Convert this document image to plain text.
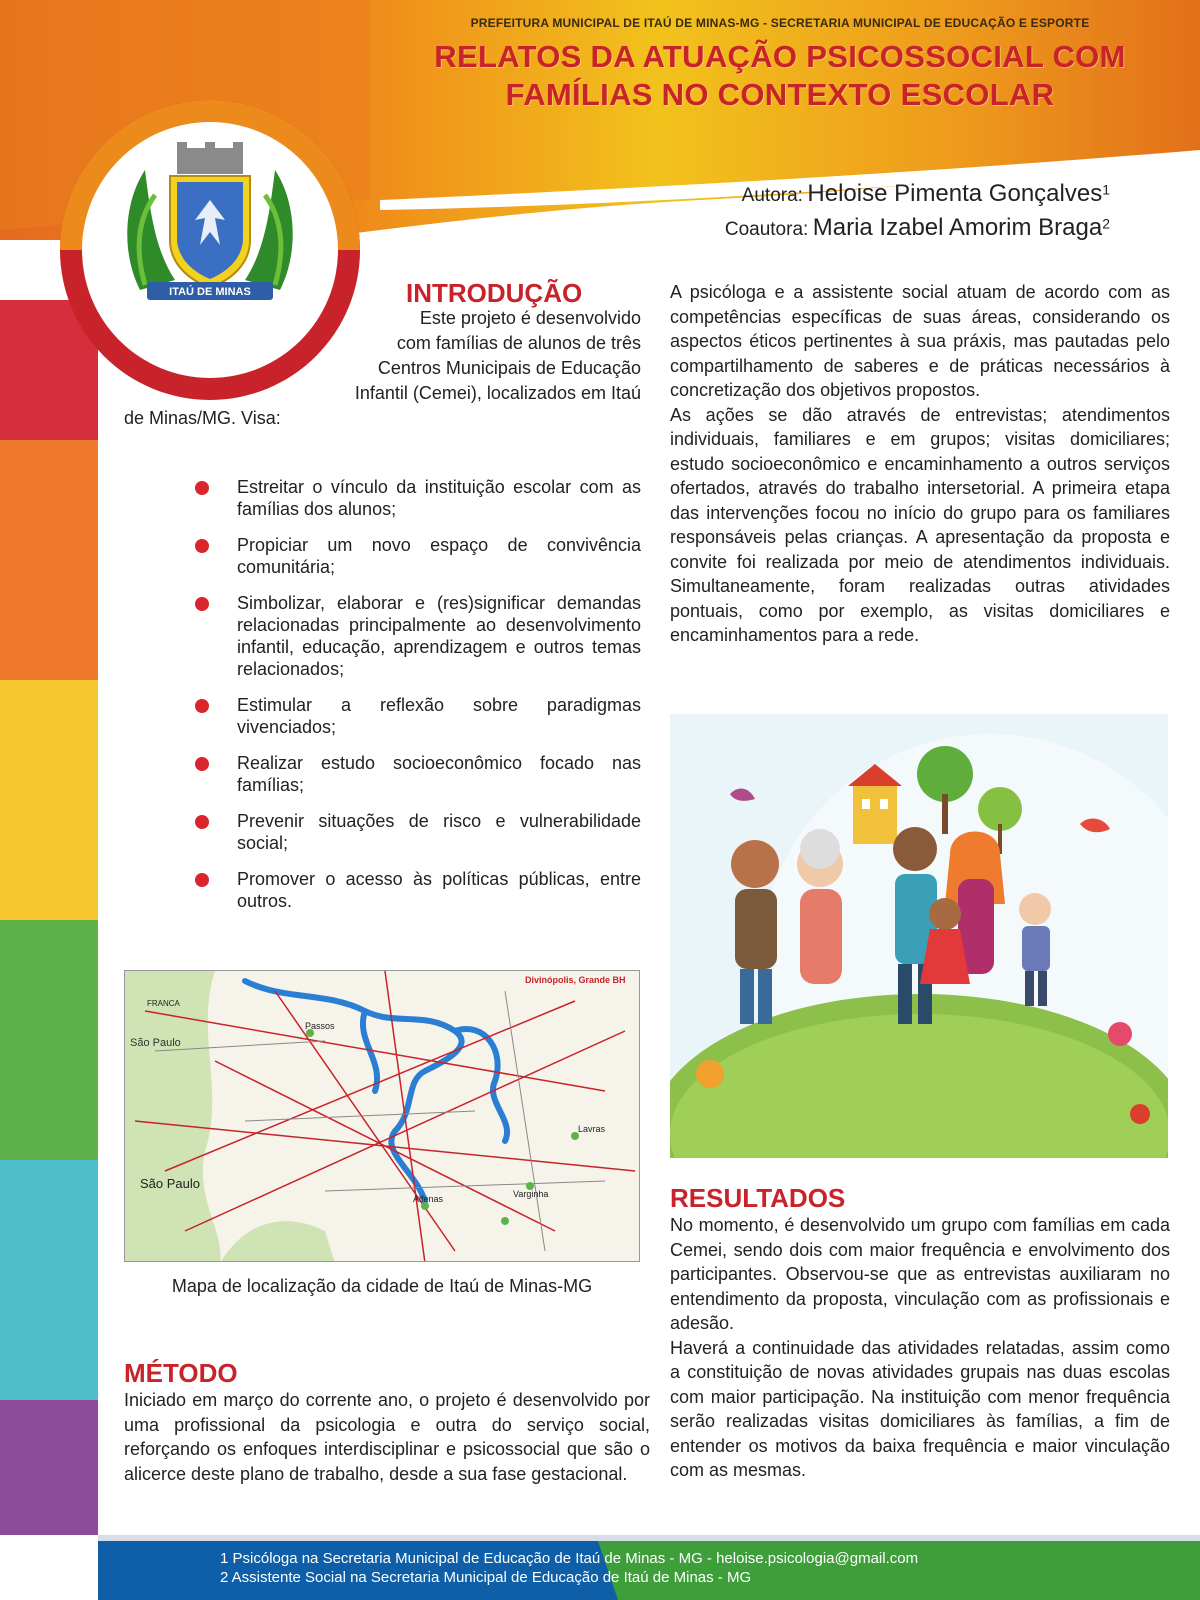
ITAÚ DE MINAS
PREFEITURA MUNICIPAL DE ITAÚ DE MINAS-MG - SECRETARIA MUNICIPAL DE EDUCAÇÃO E ESPORTE
RELATOS DA ATUAÇÃO PSICOSSOCIAL COM
FAMÍLIAS NO CONTEXTO ESCOLAR
Autora: Heloise Pimenta Gonçalves$^1$
Coautora: Maria Izabel Amorim Braga$^2$
INTRODUÇÃO
Este projeto é desenvolvido
com famílias de alunos de três
Centros Municipais de Educação
Infantil (Cemei), localizados em Itaú
de Minas/MG. Visa:
Estreitar o vínculo da instituição escolar com as famílias dos alunos;
Propiciar um novo espaço de convivência comunitária;
Simbolizar, elaborar e (res)significar demandas relacionadas principalmente ao desenvolvimento infantil, educação, aprendizagem e outros temas relacionados;
Estimular a reflexão sobre paradigmas vivenciados;
Realizar estudo socioeconômico focado nas famílias;
Prevenir situações de risco e vulnerabilidade social;
Promover o acesso às políticas públicas, entre outros.
Divinópolis, Grande BH
São Paulo
São Paulo
Passos
Alfenas
Lavras
Varginha
FRANCA
Mapa de localização da cidade de Itaú de Minas-MG
MÉTODO
Iniciado em março do corrente ano, o projeto é desenvolvido por uma profissional da psicologia e outra do serviço social, reforçando os enfoques interdisciplinar e psicossocial que são o alicerce deste plano de trabalho, desde a sua fase gestacional.
A psicóloga e a assistente social atuam de acordo com as competências específicas de suas áreas, considerando os aspectos éticos pertinentes à sua práxis, mas pautadas pelo compartilhamento de saberes e de práticas necessários à concretização dos objetivos propostos.
As ações se dão através de entrevistas; atendimentos individuais, familiares e em grupos; visitas domiciliares; estudo socioeconômico e encaminhamento a outros serviços ofertados, através do trabalho intersetorial. A primeira etapa das intervenções focou no início do grupo para os familiares responsáveis pelas crianças. A apresentação da proposta e convite foi realizada por meio de atendimentos individuais. Simultaneamente, foram realizadas outras atividades pontuais, como por exemplo, as visitas domiciliares e encaminhamentos para a rede.
RESULTADOS
No momento, é desenvolvido um grupo com famílias em cada Cemei, sendo dois com maior frequência e envolvimento dos participantes. Observou-se que as entrevistas auxiliaram no entendimento da proposta, vinculação com as profissionais e adesão.
Haverá a continuidade das atividades relatadas, assim como a constituição de novas atividades grupais nas duas escolas com maior participação. Na instituição com menor frequência serão realizadas visitas domiciliares às famílias, a fim de entender os motivos da baixa frequência e maior vinculação com as mesmas.
1 Psicóloga na Secretaria Municipal de Educação de Itaú de Minas - MG - heloise.psicologia@gmail.com
2 Assistente Social na Secretaria Municipal de Educação de Itaú de Minas - MG
